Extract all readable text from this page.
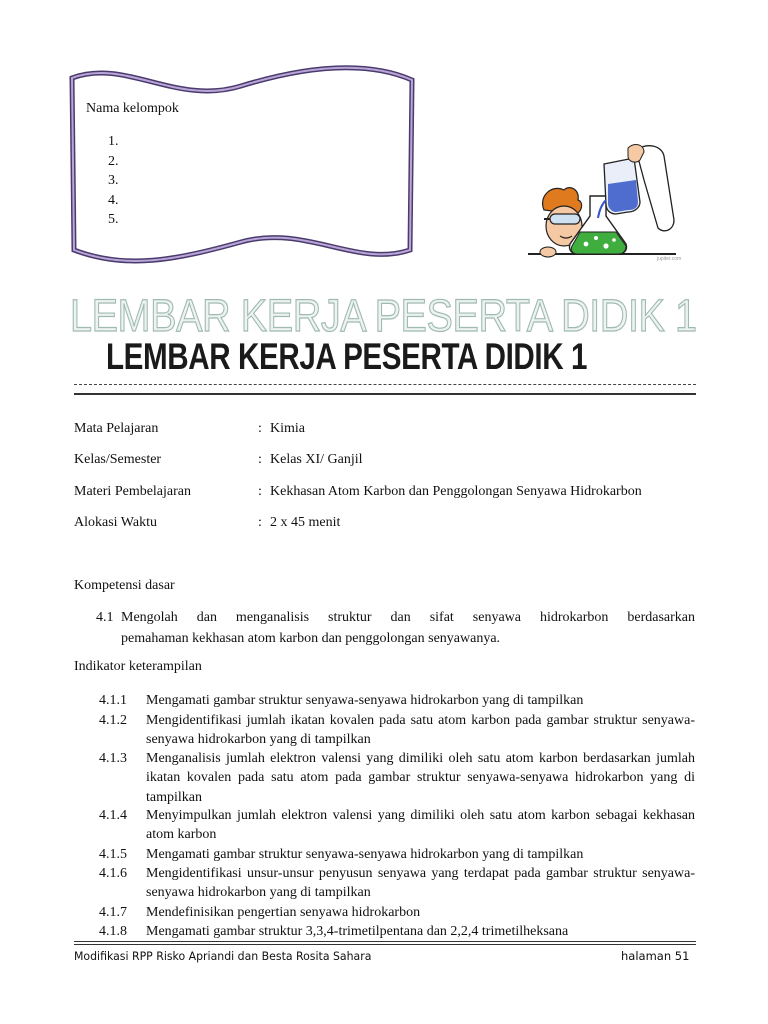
Nama kelompok
1.
2.
3.
4.
5.
jupiter.com
LEMBAR KERJA PESERTA DIDIK 1
LEMBAR KERJA PESERTA DIDIK 1
Mata Pelajaran	: Kimia
Kelas/Semester	: Kelas XI/ Ganjil
Materi Pembelajaran	: Kekhasan Atom Karbon dan Penggolongan Senyawa Hidrokarbon
Alokasi Waktu	: 2 x 45 menit
Kompetensi dasar
4.1 Mengolah dan menganalisis struktur dan sifat senyawa hidrokarbon berdasarkan
pemahaman kekhasan atom karbon dan penggolongan senyawanya.
Indikator keterampilan
4.1.1 Mengamati gambar struktur senyawa-senyawa hidrokarbon yang di tampilkan
4.1.2 Mengidentifikasi jumlah ikatan kovalen pada satu atom karbon pada gambar struktur senyawa-senyawa hidrokarbon yang di tampilkan
4.1.3 Menganalisis jumlah elektron valensi yang dimiliki oleh satu atom karbon berdasarkan jumlah ikatan kovalen pada satu atom pada gambar struktur senyawa-senyawa hidrokarbon yang di tampilkan
4.1.4 Menyimpulkan jumlah elektron valensi yang dimiliki oleh satu atom karbon sebagai kekhasan atom karbon
4.1.5 Mengamati gambar struktur senyawa-senyawa hidrokarbon yang di tampilkan
4.1.6 Mengidentifikasi unsur-unsur penyusun senyawa yang terdapat pada gambar struktur senyawa-senyawa hidrokarbon yang di tampilkan
4.1.7 Mendefinisikan pengertian senyawa hidrokarbon
4.1.8 Mengamati gambar struktur 3,3,4-trimetilpentana dan 2,2,4 trimetilheksana
Modifikasi RPP Risko Apriandi dan Besta Rosita Sahara	halaman 51
